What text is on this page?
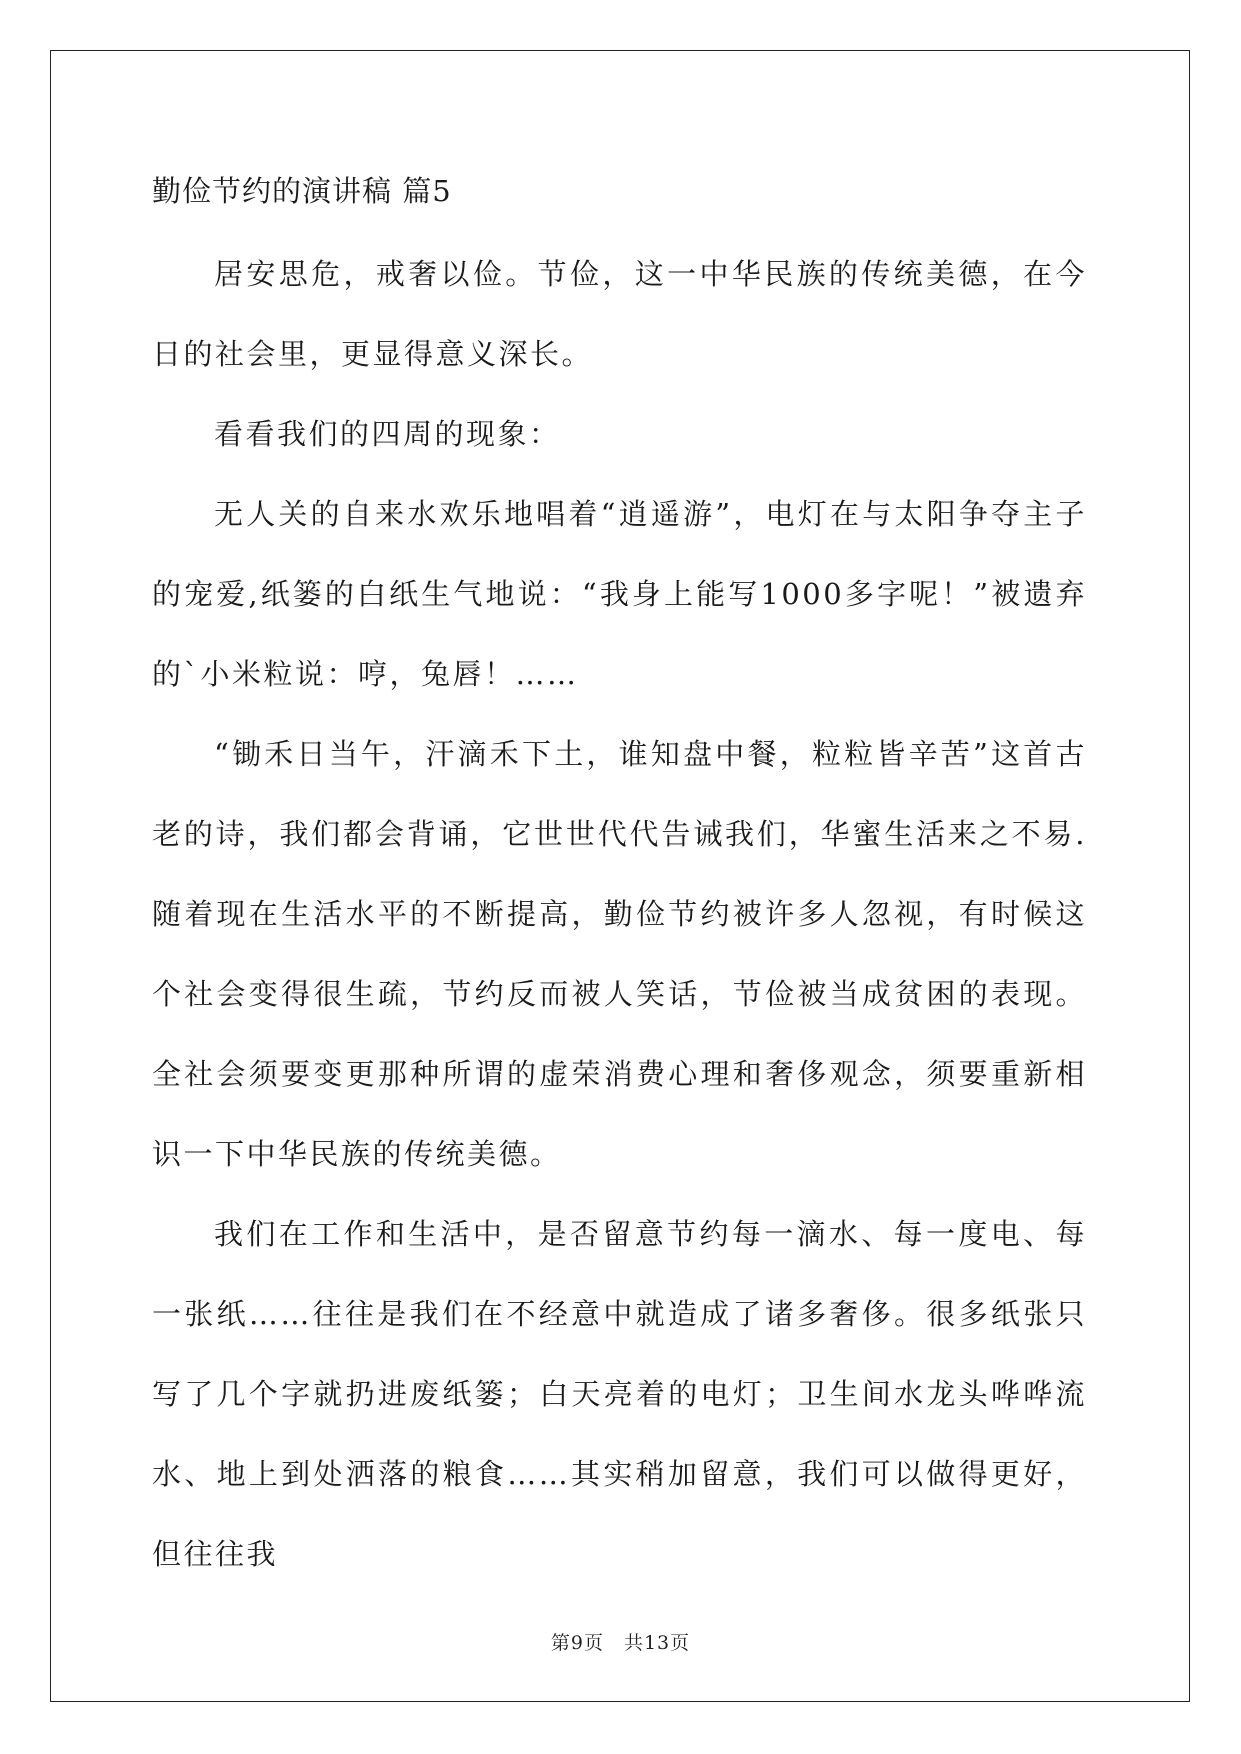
勤俭节约的演讲稿 篇5

居安思危，戒奢以俭。节俭，这一中华民族的传统美德，在今日的社会里，更显得意义深长。

看看我们的四周的现象：

无人关的自来水欢乐地唱着“逍遥游”，电灯在与太阳争夺主子的宠爱,纸篓的白纸生气地说：“我身上能写1000多字呢！”被遗弃的`小米粒说：哼，兔唇！……

“锄禾日当午，汗滴禾下土，谁知盘中餐，粒粒皆辛苦”这首古老的诗，我们都会背诵，它世世代代告诫我们，华蜜生活来之不易.随着现在生活水平的不断提高，勤俭节约被许多人忽视，有时候这个社会变得很生疏，节约反而被人笑话，节俭被当成贫困的表现。全社会须要变更那种所谓的虚荣消费心理和奢侈观念，须要重新相识一下中华民族的传统美德。

我们在工作和生活中，是否留意节约每一滴水、每一度电、每一张纸……往往是我们在不经意中就造成了诸多奢侈。很多纸张只写了几个字就扔进废纸篓；白天亮着的电灯；卫生间水龙头哗哗流水、地上到处洒落的粮食……其实稍加留意，我们可以做得更好，但往往我

第9页　共13页
